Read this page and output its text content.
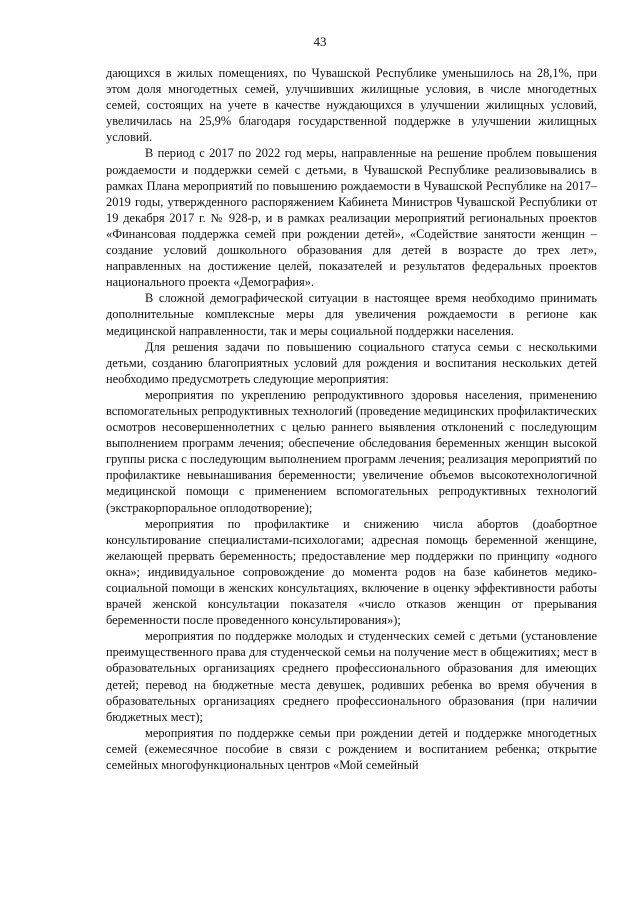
43

дающихся в жилых помещениях, по Чувашской Республике уменьшилось на 28,1%, при этом доля многодетных семей, улучшивших жилищные условия, в числе многодетных семей, состоящих на учете в качестве нуждающихся в улучшении жилищных условий, увеличилась на 25,9% благодаря государственной поддержке в улучшении жилищных условий.

В период с 2017 по 2022 год меры, направленные на решение проблем повышения рождаемости и поддержки семей с детьми, в Чувашской Республике реализовывались в рамках Плана мероприятий по повышению рождаемости в Чувашской Республике на 2017–2019 годы, утвержденного распоряжением Кабинета Министров Чувашской Республики от 19 декабря 2017 г. № 928-р, и в рамках реализации мероприятий региональных проектов «Финансовая поддержка семей при рождении детей», «Содействие занятости женщин – создание условий дошкольного образования для детей в возрасте до трех лет», направленных на достижение целей, показателей и результатов федеральных проектов национального проекта «Демография».

В сложной демографической ситуации в настоящее время необходимо принимать дополнительные комплексные меры для увеличения рождаемости в регионе как медицинской направленности, так и меры социальной поддержки населения.

Для решения задачи по повышению социального статуса семьи с несколькими детьми, созданию благоприятных условий для рождения и воспитания нескольких детей необходимо предусмотреть следующие мероприятия:

мероприятия по укреплению репродуктивного здоровья населения, применению вспомогательных репродуктивных технологий (проведение медицинских профилактических осмотров несовершеннолетних с целью раннего выявления отклонений с последующим выполнением программ лечения; обеспечение обследования беременных женщин высокой группы риска с последующим выполнением программ лечения; реализация мероприятий по профилактике невынашивания беременности; увеличение объемов высокотехнологичной медицинской помощи с применением вспомогательных репродуктивных технологий (экстракорпоральное оплодотворение);

мероприятия по профилактике и снижению числа абортов (доабортное консультирование специалистами-психологами; адресная помощь беременной женщине, желающей прервать беременность; предоставление мер поддержки по принципу «одного окна»; индивидуальное сопровождение до момента родов на базе кабинетов медико-социальной помощи в женских консультациях, включение в оценку эффективности работы врачей женской консультации показателя «число отказов женщин от прерывания беременности после проведенного консультирования»);

мероприятия по поддержке молодых и студенческих семей с детьми (установление преимущественного права для студенческой семьи на получение мест в общежитиях; мест в образовательных организациях среднего профессионального образования для имеющих детей; перевод на бюджетные места девушек, родивших ребенка во время обучения в образовательных организациях среднего профессионального образования (при наличии бюджетных мест);

мероприятия по поддержке семьи при рождении детей и поддержке многодетных семей (ежемесячное пособие в связи с рождением и воспитанием ребенка; открытие семейных многофункциональных центров «Мой семейный
